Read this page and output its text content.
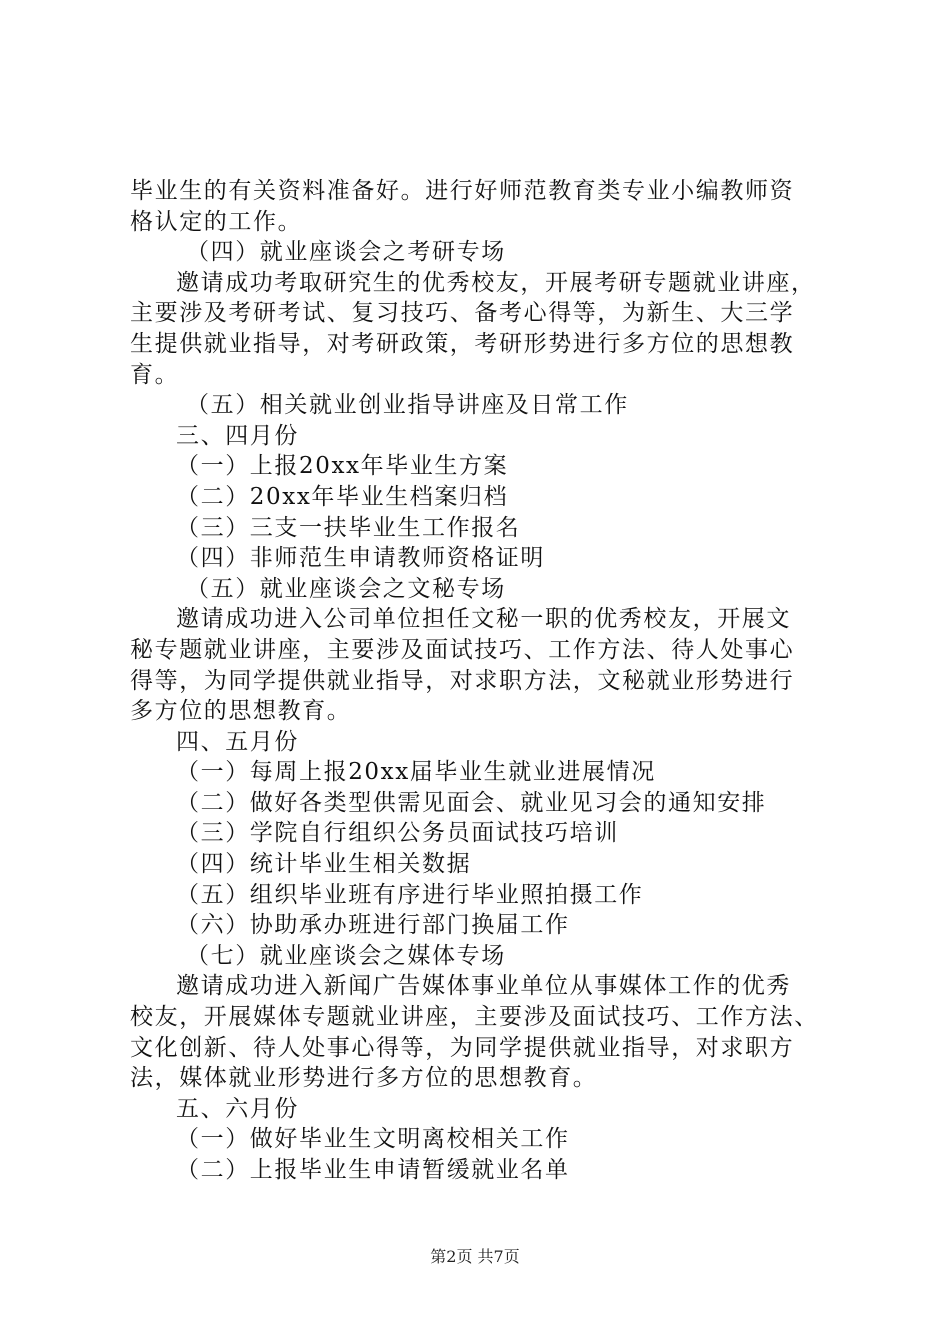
毕业生的有关资料准备好。进行好师范教育类专业小编教师资
格认定的工作。
（四）就业座谈会之考研专场
邀请成功考取研究生的优秀校友，开展考研专题就业讲座，
主要涉及考研考试、复习技巧、备考心得等，为新生、大三学
生提供就业指导，对考研政策，考研形势进行多方位的思想教
育。
（五）相关就业创业指导讲座及日常工作
三、四月份
（一）上报20xx年毕业生方案
（二）20xx年毕业生档案归档
（三）三支一扶毕业生工作报名
（四）非师范生申请教师资格证明
（五）就业座谈会之文秘专场
邀请成功进入公司单位担任文秘一职的优秀校友，开展文
秘专题就业讲座，主要涉及面试技巧、工作方法、待人处事心
得等，为同学提供就业指导，对求职方法，文秘就业形势进行
多方位的思想教育。
四、五月份
（一）每周上报20xx届毕业生就业进展情况
（二）做好各类型供需见面会、就业见习会的通知安排
（三）学院自行组织公务员面试技巧培训
（四）统计毕业生相关数据
（五）组织毕业班有序进行毕业照拍摄工作
（六）协助承办班进行部门换届工作
（七）就业座谈会之媒体专场
邀请成功进入新闻广告媒体事业单位从事媒体工作的优秀
校友，开展媒体专题就业讲座，主要涉及面试技巧、工作方法、
文化创新、待人处事心得等，为同学提供就业指导，对求职方
法，媒体就业形势进行多方位的思想教育。
五、六月份
（一）做好毕业生文明离校相关工作
（二）上报毕业生申请暂缓就业名单
第2页 共7页
